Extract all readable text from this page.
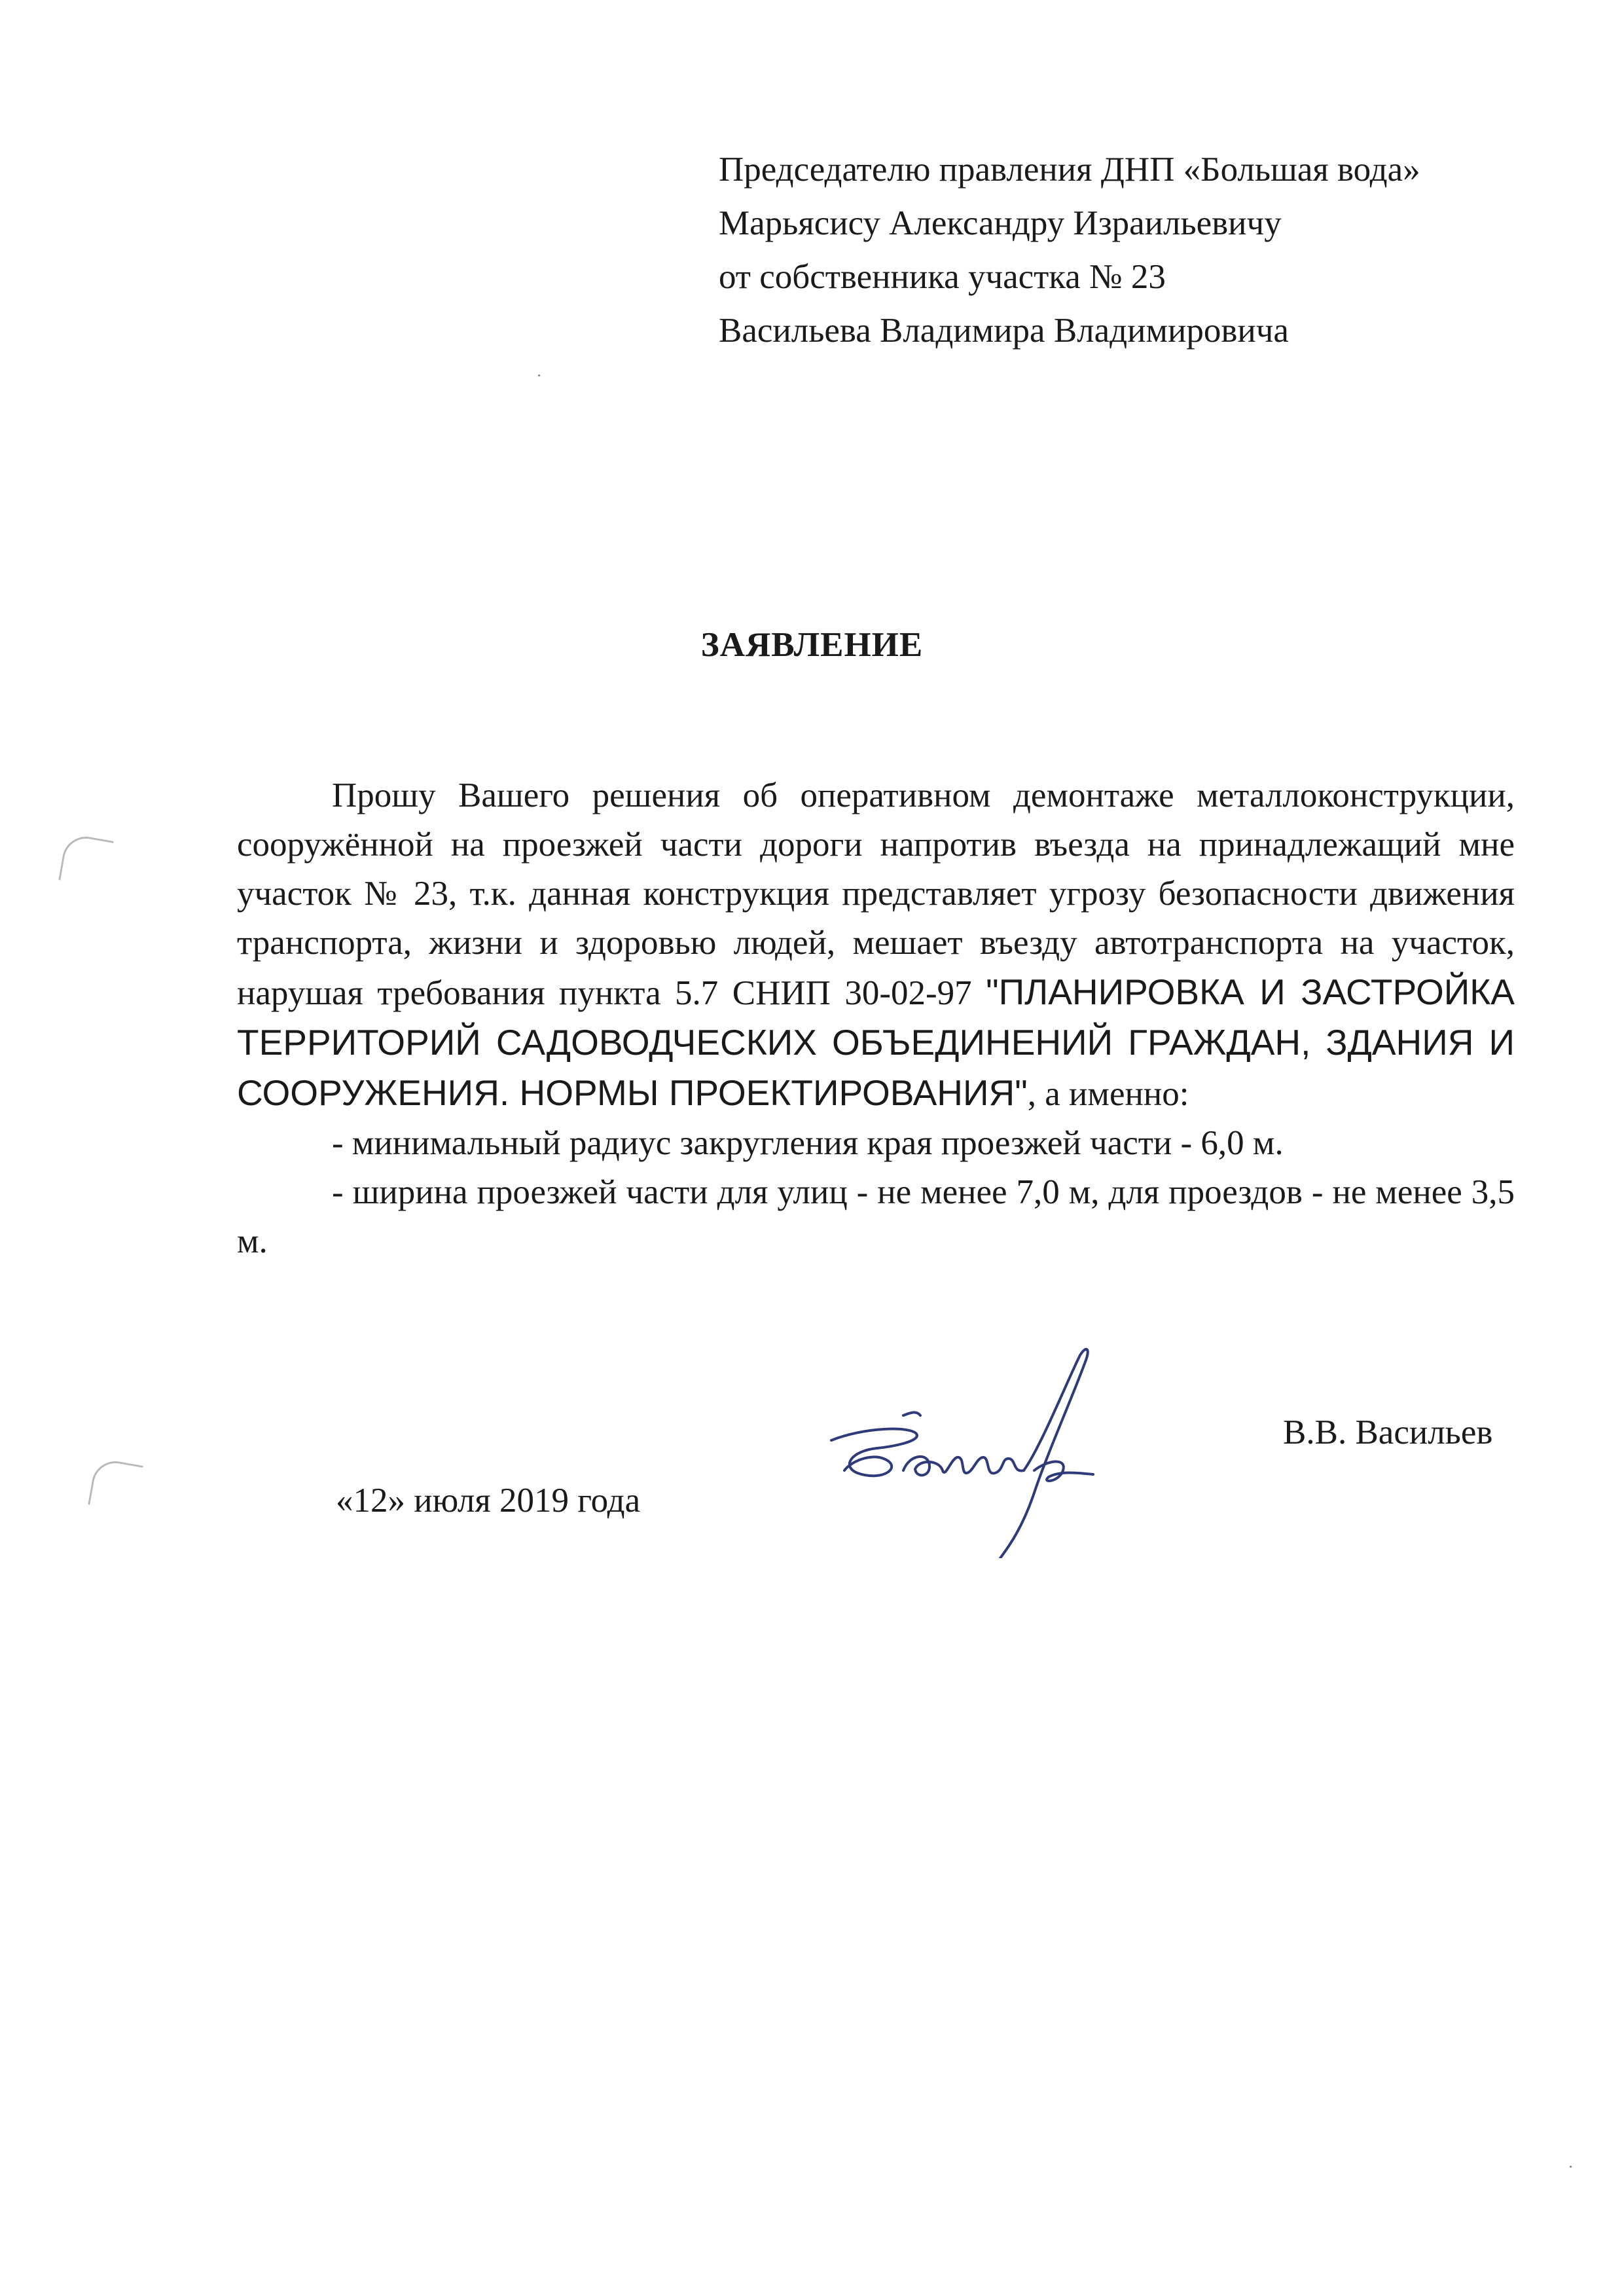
Председателю правления ДНП «Большая вода»
Марьясису Александру Израильевичу
от собственника участка № 23
Васильева Владимира Владимировича
ЗАЯВЛЕНИЕ

Прошу Вашего решения об оперативном демонтаже металлоконструкции, сооружённой на проезжей части дороги напротив въезда на принадлежащий мне участок № 23, т.к. данная конструкция представляет угрозу безопасности движения транспорта, жизни и здоровью людей, мешает въезду автотранспорта на участок, нарушая требования пункта 5.7 СНИП 30-02-97 "ПЛАНИРОВКА И ЗАСТРОЙКА ТЕРРИТОРИЙ САДОВОДЧЕСКИХ ОБЪЕДИНЕНИЙ ГРАЖДАН, ЗДАНИЯ И СООРУЖЕНИЯ. НОРМЫ ПРОЕКТИРОВАНИЯ", а именно:

- минимальный радиус закругления края проезжей части - 6,0 м.

- ширина проезжей части для улиц - не менее 7,0 м, для проездов - не менее 3,5 м.

В.В. Васильев
«12» июля 2019 года
